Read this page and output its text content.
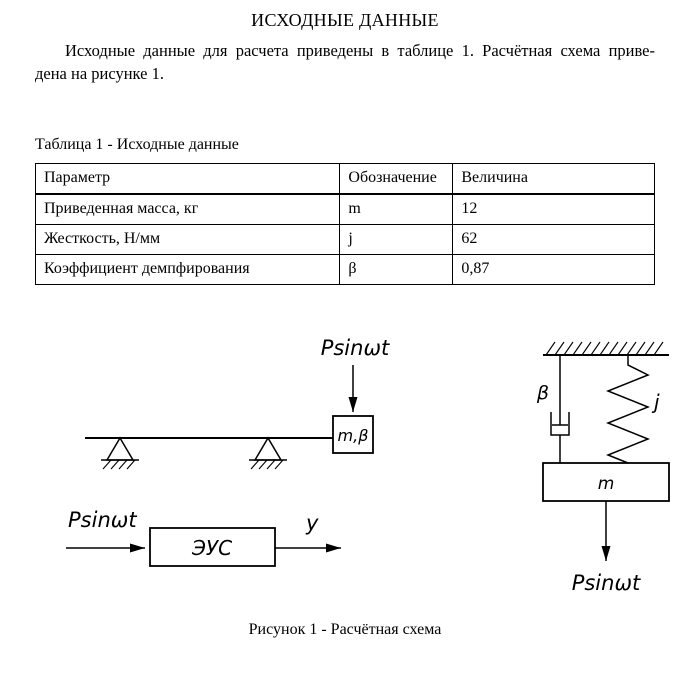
ИСХОДНЫЕ ДАННЫЕ
Исходные данные для расчета приведены в таблице 1. Расчётная схема приве-
дена на рисунке 1.
Таблица 1 - Исходные данные
Параметр	Обозначение	Величина
Приведенная масса, кг	m	12
Жесткость, Н/мм	j	62
Коэффициент демпфирования	β	0,87
Psinωt
m,β
Psinωt
ЭУС
y
β	j
m
Psinωt
Рисунок 1 - Расчётная схема
